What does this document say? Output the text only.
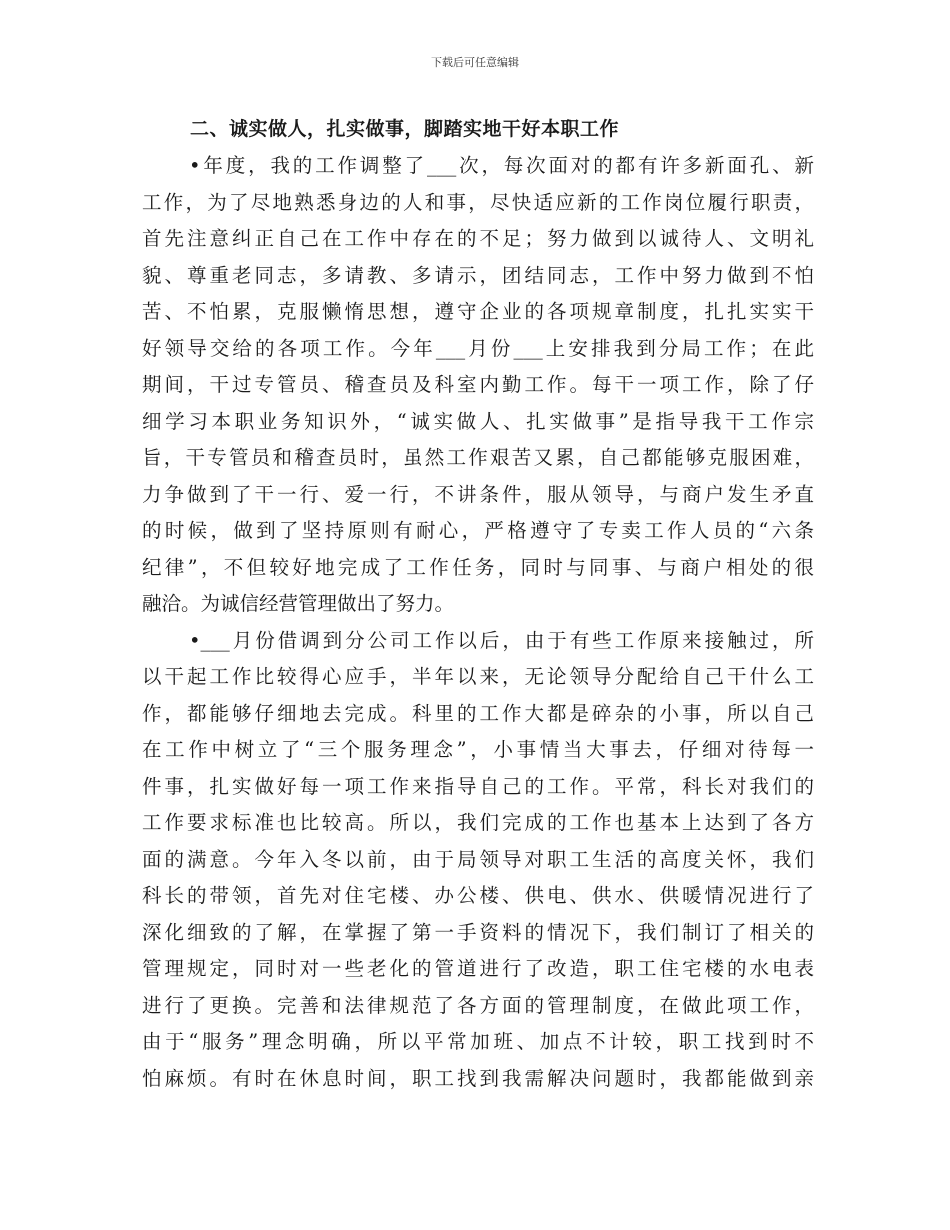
下载后可任意编辑
二、诚实做人，扎实做事，脚踏实地干好本职工作
•年度，我的工作调整了___次，每次面对的都有许多新面孔、新
工作，为了尽地熟悉身边的人和事，尽快适应新的工作岗位履行职责，
首先注意纠正自己在工作中存在的不足；努力做到以诚待人、文明礼
貌、尊重老同志，多请教、多请示，团结同志，工作中努力做到不怕
苦、不怕累，克服懒惰思想，遵守企业的各项规章制度，扎扎实实干
好领导交给的各项工作。今年___月份___上安排我到分局工作；在此
期间，干过专管员、稽查员及科室内勤工作。每干一项工作，除了仔
细学习本职业务知识外，“诚实做人、扎实做事”是指导我干工作宗
旨，干专管员和稽查员时，虽然工作艰苦又累，自己都能够克服困难，
力争做到了干一行、爱一行，不讲条件，服从领导，与商户发生矛直
的时候，做到了坚持原则有耐心，严格遵守了专卖工作人员的“六条
纪律”，不但较好地完成了工作任务，同时与同事、与商户相处的很
融洽。为诚信经营管理做出了努力。
•___月份借调到分公司工作以后，由于有些工作原来接触过，所
以干起工作比较得心应手，半年以来，无论领导分配给自己干什么工
作，都能够仔细地去完成。科里的工作大都是碎杂的小事，所以自己
在工作中树立了“三个服务理念”，小事情当大事去，仔细对待每一
件事，扎实做好每一项工作来指导自己的工作。平常，科长对我们的
工作要求标准也比较高。所以，我们完成的工作也基本上达到了各方
面的满意。今年入冬以前，由于局领导对职工生活的高度关怀，我们
科长的带领，首先对住宅楼、办公楼、供电、供水、供暖情况进行了
深化细致的了解，在掌握了第一手资料的情况下，我们制订了相关的
管理规定，同时对一些老化的管道进行了改造，职工住宅楼的水电表
进行了更换。完善和法律规范了各方面的管理制度，在做此项工作，
由于“服务”理念明确，所以平常加班、加点不计较，职工找到时不
怕麻烦。有时在休息时间，职工找到我需解决问题时，我都能做到亲
